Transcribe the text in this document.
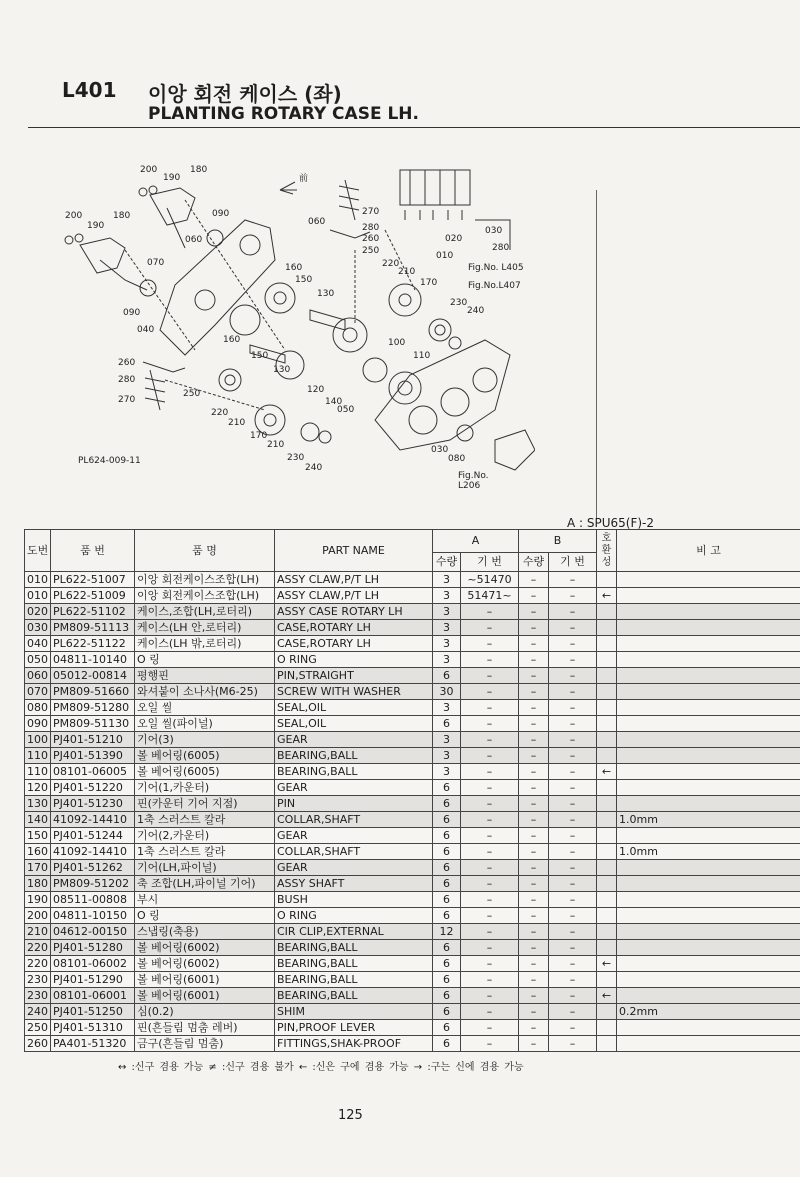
L401 이앙 회전 케이스 (좌)
PLANTING ROTARY CASE LH.
200
190
180
200
190
180	090
060
070
090
040
260
280
270
250
160
150
130
160
150
130
120
140
050
220
210
170
210
230
240
270
280
260
250
060
220
210
170
230
240
100
110
030
080
020
010
030
280
Fig.No. L405
Fig.No.L407
Fig.No.
L206
PL624-009-11
前
A : SPU65(F)-2
도번	품 번	품 명	PART NAME	A		B		호환성	비 고
				수량	기 번	수량	기 번		
010	PL622-51007	이앙 회전케이스조합(LH)	ASSY CLAW,P/T LH	3	~51470	–	–		
010	PL622-51009	이앙 회전케이스조합(LH)	ASSY CLAW,P/T LH	3	51471~	–	–	←	
020	PL622-51102	케이스,조합(LH,로터리)	ASSY CASE ROTARY LH	3	–	–	–		
030	PM809-51113	케이스(LH 안,로터리)	CASE,ROTARY LH	3	–	–	–		
040	PL622-51122	케이스(LH 밖,로터리)	CASE,ROTARY LH	3	–	–	–		
050	04811-10140	O 링	O RING	3	–	–	–		
060	05012-00814	평행핀	PIN,STRAIGHT	6	–	–	–		
070	PM809-51660	와셔붙이 소나사(M6-25)	SCREW WITH WASHER	30	–	–	–		
080	PM809-51280	오일 씰	SEAL,OIL	3	–	–	–		
090	PM809-51130	오일 씰(파이널)	SEAL,OIL	6	–	–	–		
100	PJ401-51210	기어(3)	GEAR	3	–	–	–		
110	PJ401-51390	볼 베어링(6005)	BEARING,BALL	3	–	–	–		
110	08101-06005	볼 베어링(6005)	BEARING,BALL	3	–	–	–	←	
120	PJ401-51220	기어(1,카운터)	GEAR	6	–	–	–		
130	PJ401-51230	핀(카운터 기어 지점)	PIN	6	–	–	–		
140	41092-14410	1축 스러스트 칼라	COLLAR,SHAFT	6	–	–	–		1.0mm
150	PJ401-51244	기어(2,카운터)	GEAR	6	–	–	–		
160	41092-14410	1축 스러스트 칼라	COLLAR,SHAFT	6	–	–	–		1.0mm
170	PJ401-51262	기어(LH,파이널)	GEAR	6	–	–	–		
180	PM809-51202	축 조합(LH,파이널 기어)	ASSY SHAFT	6	–	–	–		
190	08511-00808	부시	BUSH	6	–	–	–		
200	04811-10150	O 링	O RING	6	–	–	–		
210	04612-00150	스냅링(축용)	CIR CLIP,EXTERNAL	12	–	–	–		
220	PJ401-51280	볼 베어링(6002)	BEARING,BALL	6	–	–	–		
220	08101-06002	볼 베어링(6002)	BEARING,BALL	6	–	–	–	←	
230	PJ401-51290	볼 베어링(6001)	BEARING,BALL	6	–	–	–		
230	08101-06001	볼 베어링(6001)	BEARING,BALL	6	–	–	–	←	
240	PJ401-51250	심(0.2)	SHIM	6	–	–	–		0.2mm
250	PJ401-51310	핀(흔들림 멈춤 레버)	PIN,PROOF LEVER	6	–	–	–		
260	PA401-51320	금구(흔들림 멈춤)	FITTINGS,SHAK-PROOF	6	–	–	–		
↔ :신구 겸용 가능 ≠ :신구 겸용 불가 ← :신은 구에 겸용 가능 → :구는 신에 겸용 가능
125
